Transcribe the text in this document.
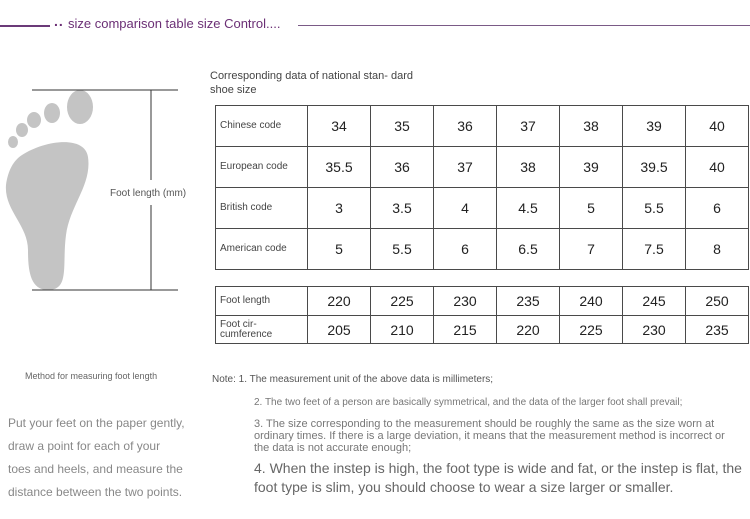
.. size comparison table size Control....
Foot length (mm)
Corresponding data of national stan- dard shoe size
Chinese code	34	35	36	37	38	39	40
European code	35.5	36	37	38	39	39.5	40
British code	3	3.5	4	4.5	5	5.5	6
American code	5	5.5	6	6.5	7	7.5	8
Foot length	220	225	230	235	240	245	250
Foot cir- cumference	205	210	215	220	225	230	235
Method for measuring foot length
Put your feet on the paper gently,
draw a point for each of your
toes and heels, and measure the
distance between the two points.
Note: 1. The measurement unit of the above data is millimeters;
2. The two feet of a person are basically symmetrical, and the data of the larger foot shall prevail;
3. The size corresponding to the measurement should be roughly the same as the size worn at ordinary times. If there is a large deviation, it means that the measurement method is incorrect or the data is not accurate enough;
4. When the instep is high, the foot type is wide and fat, or the instep is flat, the foot type is slim, you should choose to wear a size larger or smaller.
